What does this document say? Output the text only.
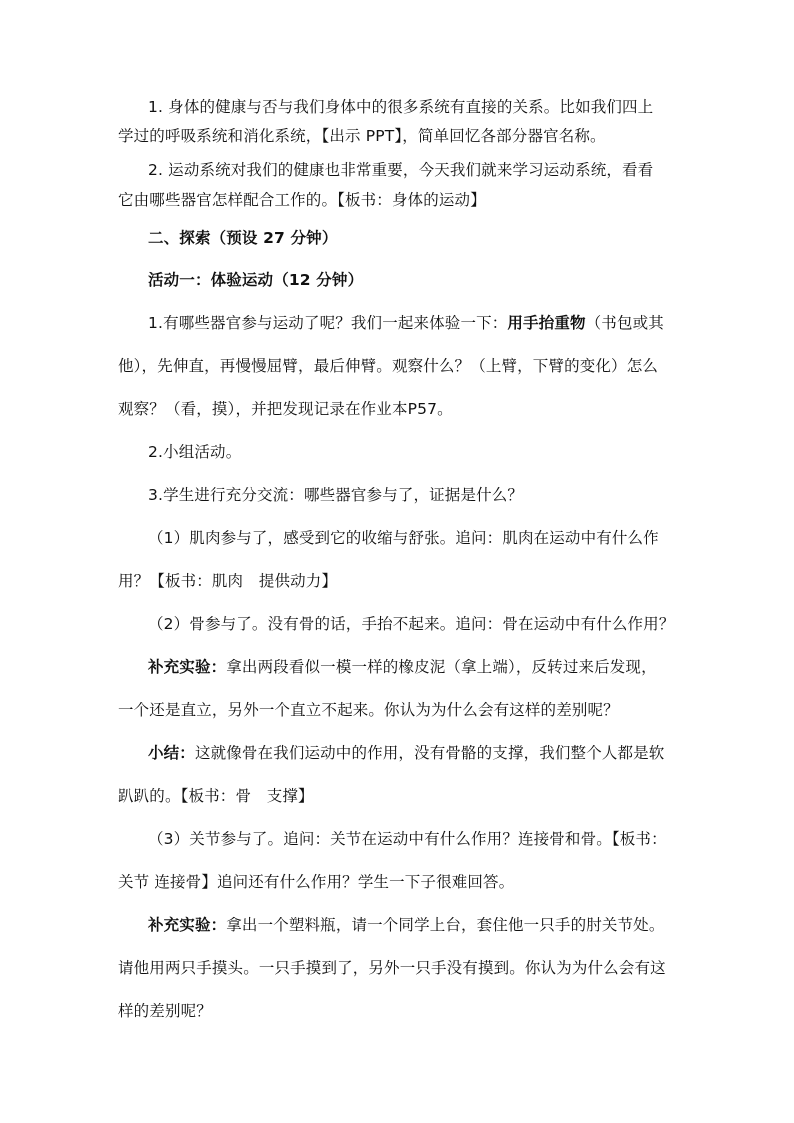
1. 身体的健康与否与我们身体中的很多系统有直接的关系。比如我们四上
学过的呼吸系统和消化系统，【出示 PPT】，简单回忆各部分器官名称。
2. 运动系统对我们的健康也非常重要，今天我们就来学习运动系统，看看
它由哪些器官怎样配合工作的。【板书：身体的运动】
二、探索（预设 27 分钟）
活动一：体验运动（12 分钟）
1.有哪些器官参与运动了呢？我们一起来体验一下：用手抬重物（书包或其
他），先伸直，再慢慢屈臂，最后伸臂。观察什么？（上臂，下臂的变化）怎么
观察？（看，摸），并把发现记录在作业本P57。
2.小组活动。
3.学生进行充分交流：哪些器官参与了，证据是什么？
（1）肌肉参与了，感受到它的收缩与舒张。追问：肌肉在运动中有什么作
用？【板书：肌肉　提供动力】
（2）骨参与了。没有骨的话，手抬不起来。追问：骨在运动中有什么作用？
补充实验：拿出两段看似一模一样的橡皮泥（拿上端），反转过来后发现，
一个还是直立，另外一个直立不起来。你认为为什么会有这样的差别呢？
小结：这就像骨在我们运动中的作用，没有骨骼的支撑，我们整个人都是软
趴趴的。【板书：骨　支撑】
（3）关节参与了。追问：关节在运动中有什么作用？连接骨和骨。【板书：
关节 连接骨】追问还有什么作用？学生一下子很难回答。
补充实验：拿出一个塑料瓶，请一个同学上台，套住他一只手的肘关节处。
请他用两只手摸头。一只手摸到了，另外一只手没有摸到。你认为为什么会有这
样的差别呢？
